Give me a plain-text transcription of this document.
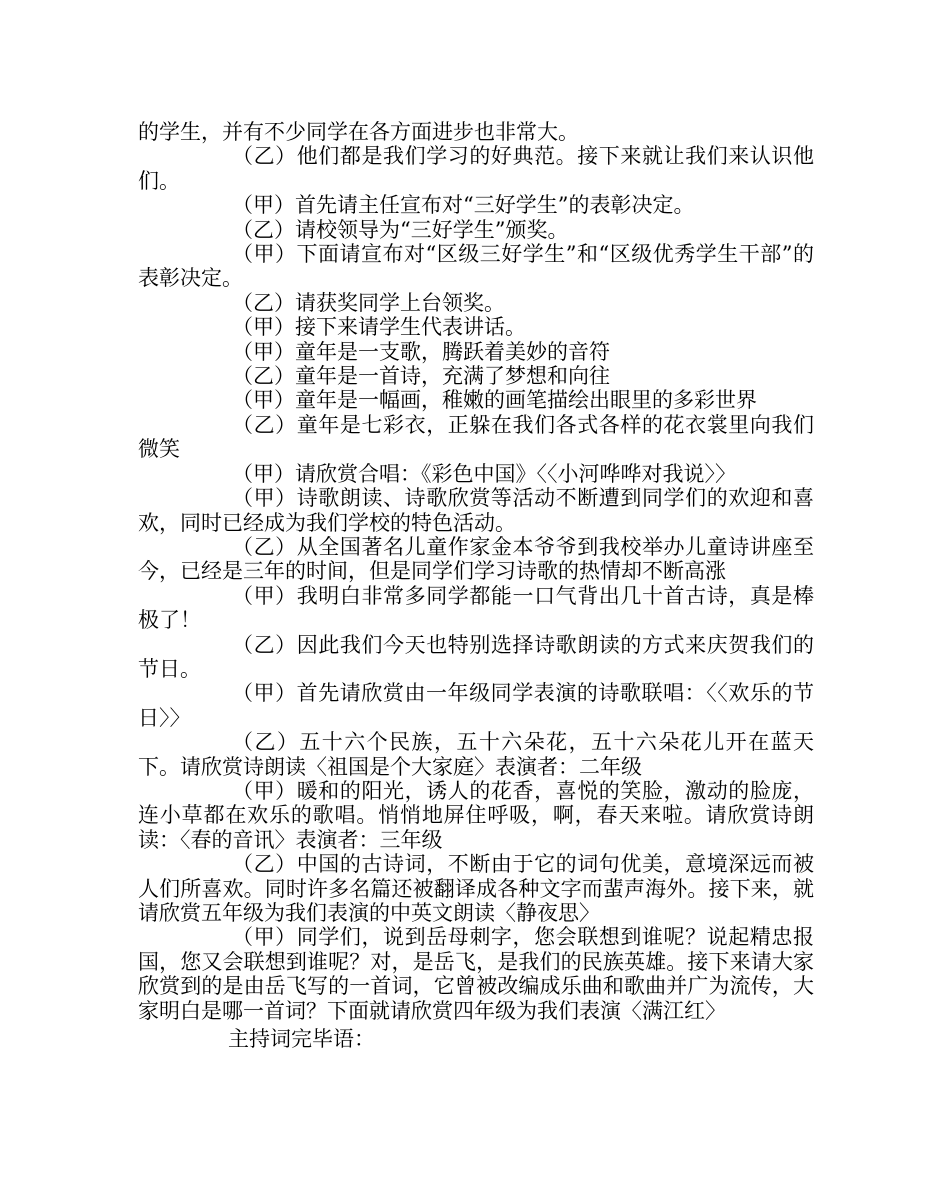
的学生，并有不少同学在各方面进步也非常大。

（乙）他们都是我们学习的好典范。接下来就让我们来认识他们。

（甲）首先请主任宣布对“三好学生”的表彰决定。

（乙）请校领导为“三好学生”颁奖。

（甲）下面请宣布对“区级三好学生”和“区级优秀学生干部”的表彰决定。

（乙）请获奖同学上台领奖。

（甲）接下来请学生代表讲话。

（甲）童年是一支歌，腾跃着美妙的音符

（乙）童年是一首诗，充满了梦想和向往

（甲）童年是一幅画，稚嫩的画笔描绘出眼里的多彩世界

（乙）童年是七彩衣，正躲在我们各式各样的花衣裳里向我们微笑

（甲）请欣赏合唱：《彩色中国》〈〈小河哗哗对我说〉〉

（甲）诗歌朗读、诗歌欣赏等活动不断遭到同学们的欢迎和喜欢，同时已经成为我们学校的特色活动。

（乙）从全国著名儿童作家金本爷爷到我校举办儿童诗讲座至今，已经是三年的时间，但是同学们学习诗歌的热情却不断高涨

（甲）我明白非常多同学都能一口气背出几十首古诗，真是棒极了！

（乙）因此我们今天也特别选择诗歌朗读的方式来庆贺我们的节日。

（甲）首先请欣赏由一年级同学表演的诗歌联唱：〈〈欢乐的节日〉〉

（乙）五十六个民族，五十六朵花，五十六朵花儿开在蓝天下。请欣赏诗朗读〈祖国是个大家庭〉表演者：二年级

（甲）暖和的阳光，诱人的花香，喜悦的笑脸，激动的脸庞，连小草都在欢乐的歌唱。悄悄地屏住呼吸，啊，春天来啦。请欣赏诗朗读：〈春的音讯〉表演者：三年级

（乙）中国的古诗词，不断由于它的词句优美，意境深远而被人们所喜欢。同时许多名篇还被翻译成各种文字而蜚声海外。接下来，就请欣赏五年级为我们表演的中英文朗读〈静夜思〉

（甲）同学们，说到岳母刺字，您会联想到谁呢？说起精忠报国，您又会联想到谁呢？对，是岳飞，是我们的民族英雄。接下来请大家欣赏到的是由岳飞写的一首词，它曾被改编成乐曲和歌曲并广为流传，大家明白是哪一首词？下面就请欣赏四年级为我们表演〈满江红〉

主持词完毕语：
